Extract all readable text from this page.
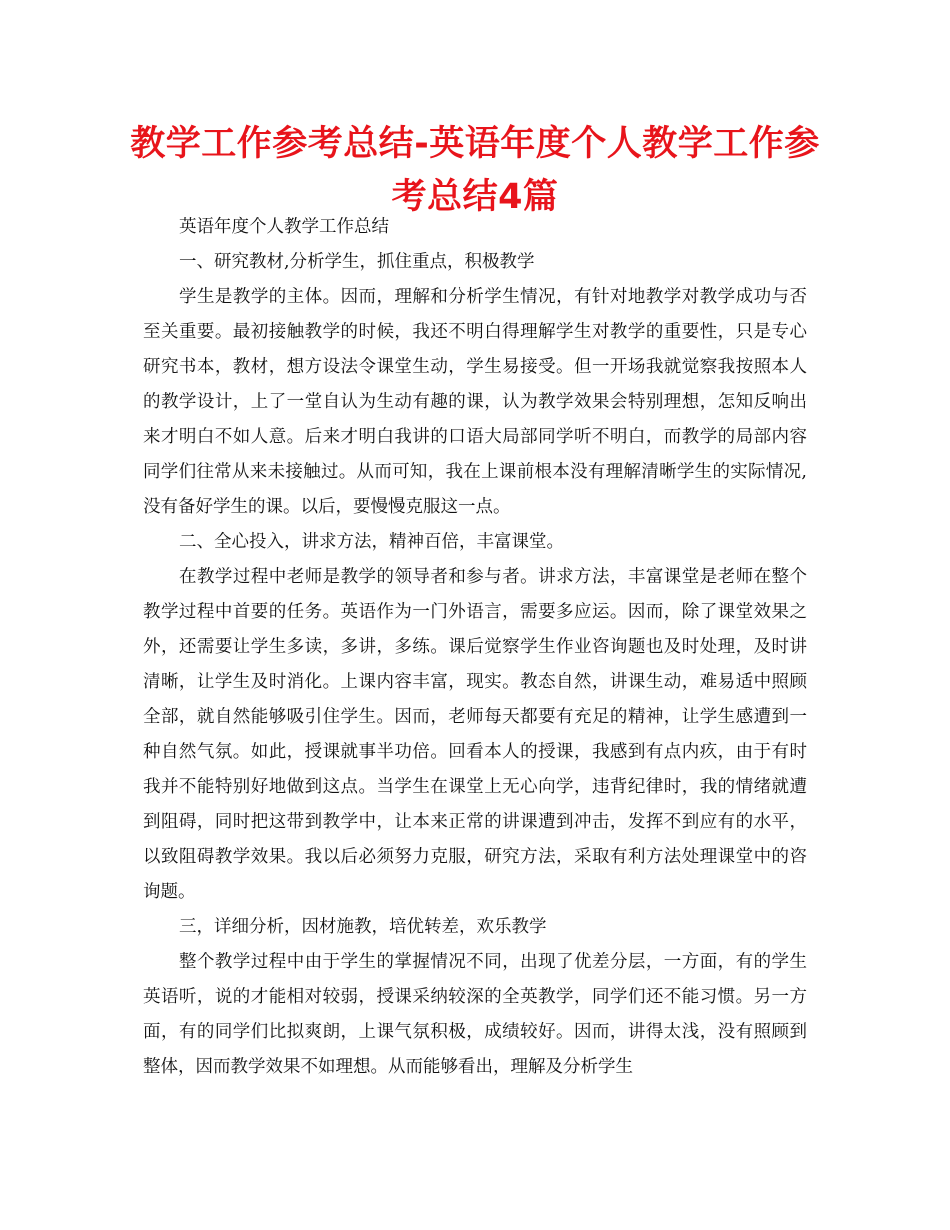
教学工作参考总结-英语年度个人教学工作参考总结4篇

英语年度个人教学工作总结

一、研究教材,分析学生，抓住重点，积极教学

学生是教学的主体。因而，理解和分析学生情况，有针对地教学对教学成功与否至关重要。最初接触教学的时候，我还不明白得理解学生对教学的重要性，只是专心研究书本，教材，想方设法令课堂生动，学生易接受。但一开场我就觉察我按照本人的教学设计，上了一堂自认为生动有趣的课，认为教学效果会特别理想，怎知反响出来才明白不如人意。后来才明白我讲的口语大局部同学听不明白，而教学的局部内容同学们往常从来未接触过。从而可知，我在上课前根本没有理解清晰学生的实际情况,没有备好学生的课。以后，要慢慢克服这一点。

二、全心投入，讲求方法，精神百倍，丰富课堂。

在教学过程中老师是教学的领导者和参与者。讲求方法，丰富课堂是老师在整个教学过程中首要的任务。英语作为一门外语言，需要多应运。因而，除了课堂效果之外，还需要让学生多读，多讲，多练。课后觉察学生作业咨询题也及时处理，及时讲清晰，让学生及时消化。上课内容丰富，现实。教态自然，讲课生动，难易适中照顾全部，就自然能够吸引住学生。因而，老师每天都要有充足的精神，让学生感遭到一种自然气氛。如此，授课就事半功倍。回看本人的授课，我感到有点内疚，由于有时我并不能特别好地做到这点。当学生在课堂上无心向学，违背纪律时，我的情绪就遭到阻碍，同时把这带到教学中，让本来正常的讲课遭到冲击，发挥不到应有的水平，以致阻碍教学效果。我以后必须努力克服，研究方法，采取有利方法处理课堂中的咨询题。

三，详细分析，因材施教，培优转差，欢乐教学

整个教学过程中由于学生的掌握情况不同，出现了优差分层，一方面，有的学生英语听，说的才能相对较弱，授课采纳较深的全英教学，同学们还不能习惯。另一方面，有的同学们比拟爽朗，上课气氛积极，成绩较好。因而，讲得太浅，没有照顾到整体，因而教学效果不如理想。从而能够看出，理解及分析学生
